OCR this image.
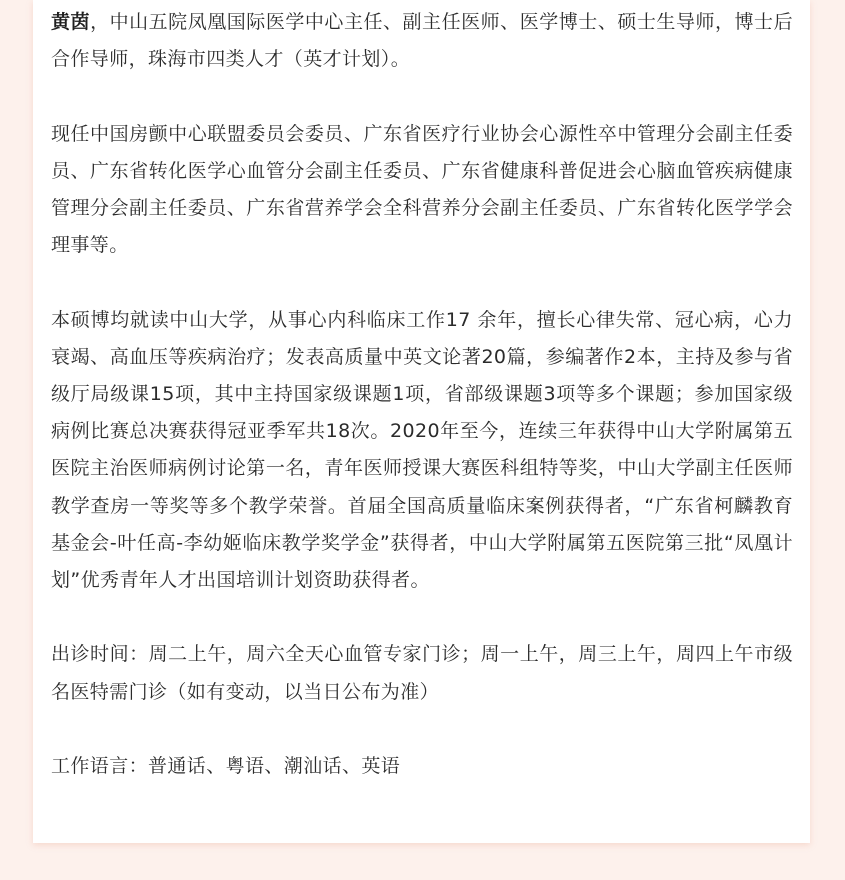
黄茵，中山五院凤凰国际医学中心主任、副主任医师、医学博士、硕士生导师，博士后合作导师，珠海市四类人才（英才计划）。

现任中国房颤中心联盟委员会委员、广东省医疗行业协会心源性卒中管理分会副主任委员、广东省转化医学心血管分会副主任委员、广东省健康科普促进会心脑血管疾病健康管理分会副主任委员、广东省营养学会全科营养分会副主任委员、广东省转化医学学会理事等。

本硕博均就读中山大学，从事心内科临床工作17 余年，擅长心律失常、冠心病，心力衰竭、高血压等疾病治疗；发表高质量中英文论著20篇，参编著作2本，主持及参与省级厅局级课15项，其中主持国家级课题1项，省部级课题3项等多个课题；参加国家级病例比赛总决赛获得冠亚季军共18次。2020年至今，连续三年获得中山大学附属第五医院主治医师病例讨论第一名，青年医师授课大赛医科组特等奖，中山大学副主任医师教学查房一等奖等多个教学荣誉。首届全国高质量临床案例获得者，“广东省柯麟教育基金会-叶任高-李幼姬临床教学奖学金”获得者，中山大学附属第五医院第三批“凤凰计划”优秀青年人才出国培训计划资助获得者。

出诊时间：周二上午，周六全天心血管专家门诊；周一上午，周三上午，周四上午市级名医特需门诊（如有变动，以当日公布为准）

工作语言：普通话、粤语、潮汕话、英语
